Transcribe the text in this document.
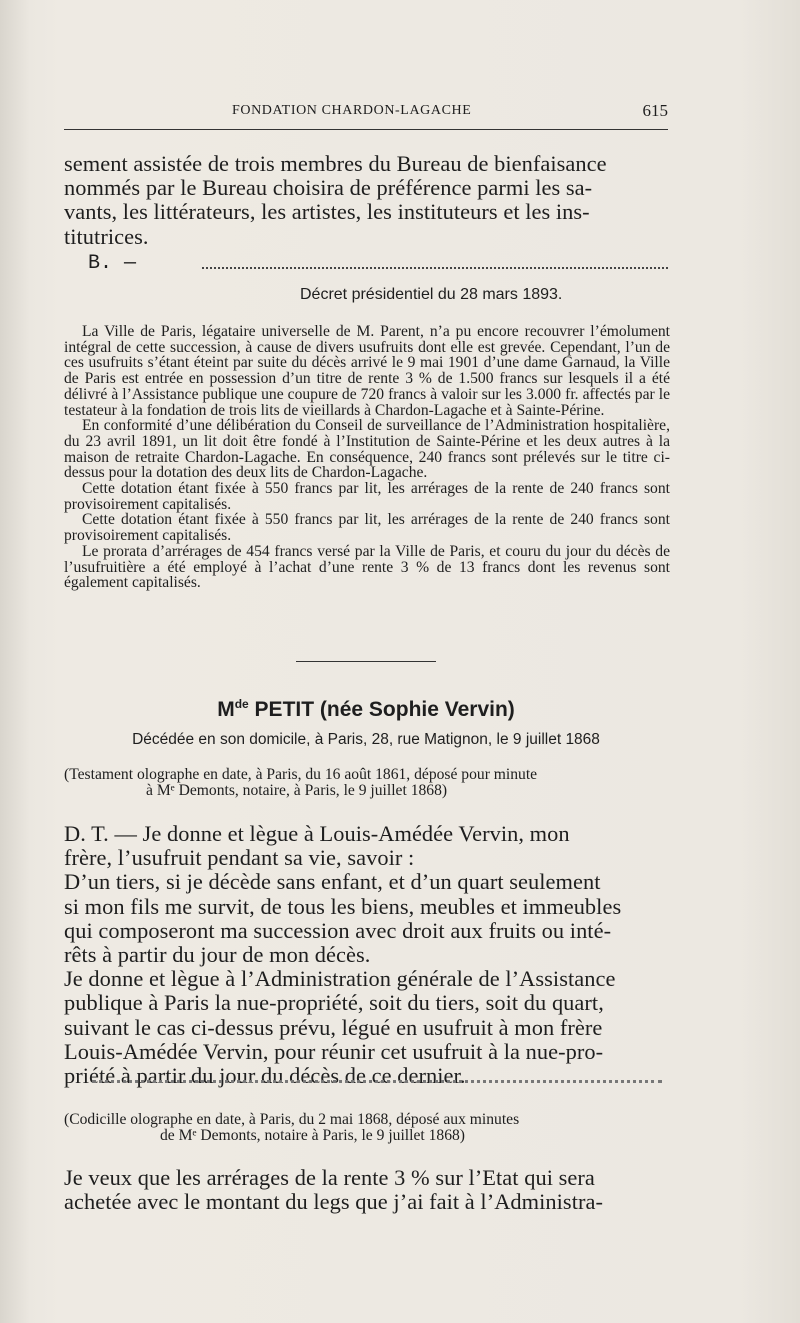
FONDATION CHARDON-LAGACHE	615
sement assistée de trois membres du Bureau de bienfaisance
nommés par le Bureau choisira de préférence parmi les sa-
vants, les littérateurs, les artistes, les instituteurs et les ins-
titutrices.
B. —
Décret présidentiel du 28 mars 1893.

La Ville de Paris, légataire universelle de M. Parent, n’a pu encore recouvrer l’émolument intégral de cette succession, à cause de divers usufruits dont elle est grevée. Cependant, l’un de ces usufruits s’étant éteint par suite du décès arrivé le 9 mai 1901 d’une dame Garnaud, la Ville de Paris est entrée en possession d’un titre de rente 3 % de 1.500 francs sur lesquels il a été délivré à l’Assistance publique une coupure de 720 francs à valoir sur les 3.000 fr. affectés par le testateur à la fondation de trois lits de vieillards à Chardon-Lagache et à Sainte-Périne.

En conformité d’une délibération du Conseil de surveillance de l’Administration hospitalière, du 23 avril 1891, un lit doit être fondé à l’Institution de Sainte-Périne et les deux autres à la maison de retraite Chardon-Lagache. En conséquence, 240 francs sont prélevés sur le titre ci-dessus pour la dotation des deux lits de Chardon-Lagache.

Cette dotation étant fixée à 550 francs par lit, les arrérages de la rente de 240 francs sont provisoirement capitalisés.

Cette dotation étant fixée à 550 francs par lit, les arrérages de la rente de 240 francs sont provisoirement capitalisés.

Le prorata d’arrérages de 454 francs versé par la Ville de Paris, et couru du jour du décès de l’usufruitière a été employé à l’achat d’une rente 3 % de 13 francs dont les revenus sont également capitalisés.

Mde PETIT (née Sophie Vervin)
Décédée en son domicile, à Paris, 28, rue Matignon, le 9 juillet 1868
(Testament olographe en date, à Paris, du 16 août 1861, déposé pour minute
à Mᵉ Demonts, notaire, à Paris, le 9 juillet 1868)
D. T. — Je donne et lègue à Louis-Amédée Vervin, mon
frère, l’usufruit pendant sa vie, savoir :
D’un tiers, si je décède sans enfant, et d’un quart seulement
si mon fils me survit, de tous les biens, meubles et immeubles
qui composeront ma succession avec droit aux fruits ou inté-
rêts à partir du jour de mon décès.
Je donne et lègue à l’Administration générale de l’Assistance
publique à Paris la nue-propriété, soit du tiers, soit du quart,
suivant le cas ci-dessus prévu, légué en usufruit à mon frère
Louis-Amédée Vervin, pour réunir cet usufruit à la nue-pro-
priété à partir du jour du décès de ce dernier.
(Codicille olographe en date, à Paris, du 2 mai 1868, déposé aux minutes
de Mᵉ Demonts, notaire à Paris, le 9 juillet 1868)
Je veux que les arrérages de la rente 3 % sur l’Etat qui sera
achetée avec le montant du legs que j’ai fait à l’Administra-
